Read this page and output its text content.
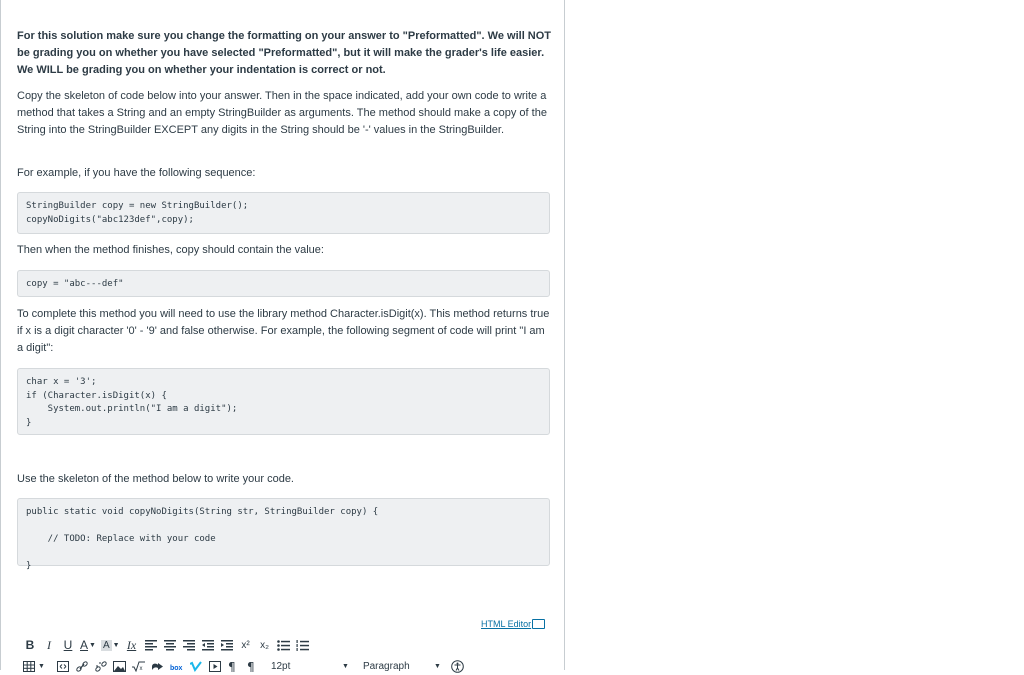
For this solution make sure you change the formatting on your answer to "Preformatted". We will NOT be grading you on whether you have selected "Preformatted", but it will make the grader's life easier. We WILL be grading you on whether your indentation is correct or not.

Copy the skeleton of code below into your answer. Then in the space indicated, add your own code to write a method that takes a String and an empty StringBuilder as arguments. The method should make a copy of the String into the StringBuilder EXCEPT any digits in the String should be '-' values in the StringBuilder.

For example, if you have the following sequence:

StringBuilder copy = new StringBuilder();
copyNoDigits("abc123def",copy);

Then when the method finishes, copy should contain the value:

copy = "abc---def"

To complete this method you will need to use the library method Character.isDigit(x). This method returns true if x is a digit character '0' - '9' and false otherwise. For example, the following segment of code will print "I am a digit":

char x = '3';
if (Character.isDigit(x) {
System.out.println("I am a digit");
}

Use the skeleton of the method below to write your code.

public static void copyNoDigits(String str, StringBuilder copy) {

// TODO: Replace with your code

}
HTML Editor
B	I	U A ▼ A ▼ Ix	x² x₂
▼	x	box	¶ ¶ 12pt	▼ Paragraph	▼
